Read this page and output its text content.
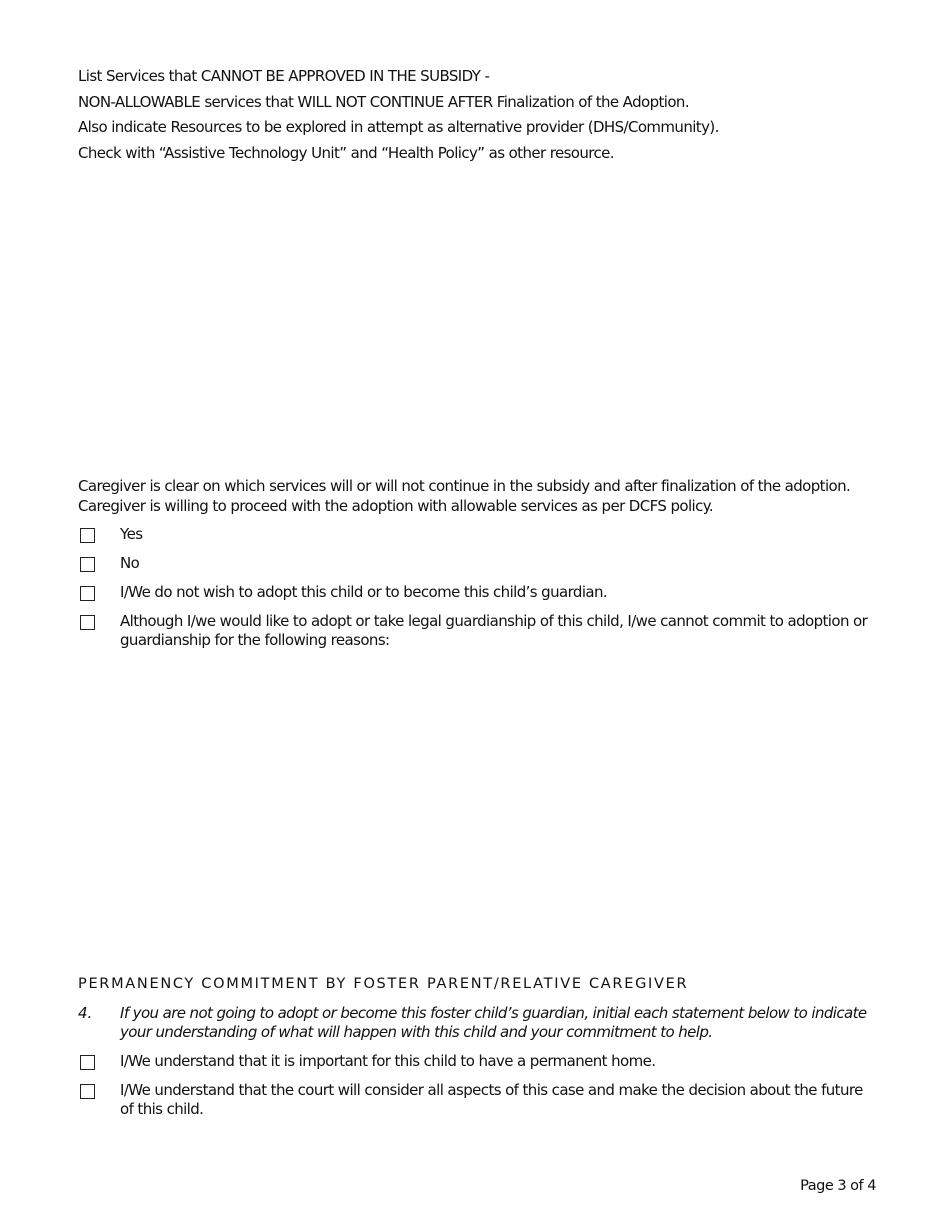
List Services that CANNOT BE APPROVED IN THE SUBSIDY -
NON-ALLOWABLE services that WILL NOT CONTINUE AFTER Finalization of the Adoption.
Also indicate Resources to be explored in attempt as alternative provider (DHS/Community).
Check with “Assistive Technology Unit” and “Health Policy” as other resource.
Caregiver is clear on which services will or will not continue in the subsidy and after finalization of the adoption.
Caregiver is willing to proceed with the adoption with allowable services as per DCFS policy.
Yes
No
I/We do not wish to adopt this child or to become this child’s guardian.
Although I/we would like to adopt or take legal guardianship of this child, I/we cannot commit to adoption or guardianship for the following reasons:
PERMANENCY COMMITMENT BY FOSTER PARENT/RELATIVE CAREGIVER
4. If you are not going to adopt or become this foster child’s guardian, initial each statement below to indicate your understanding of what will happen with this child and your commitment to help.
I/We understand that it is important for this child to have a permanent home.
I/We understand that the court will consider all aspects of this case and make the decision about the future of this child.
Page 3 of 4
